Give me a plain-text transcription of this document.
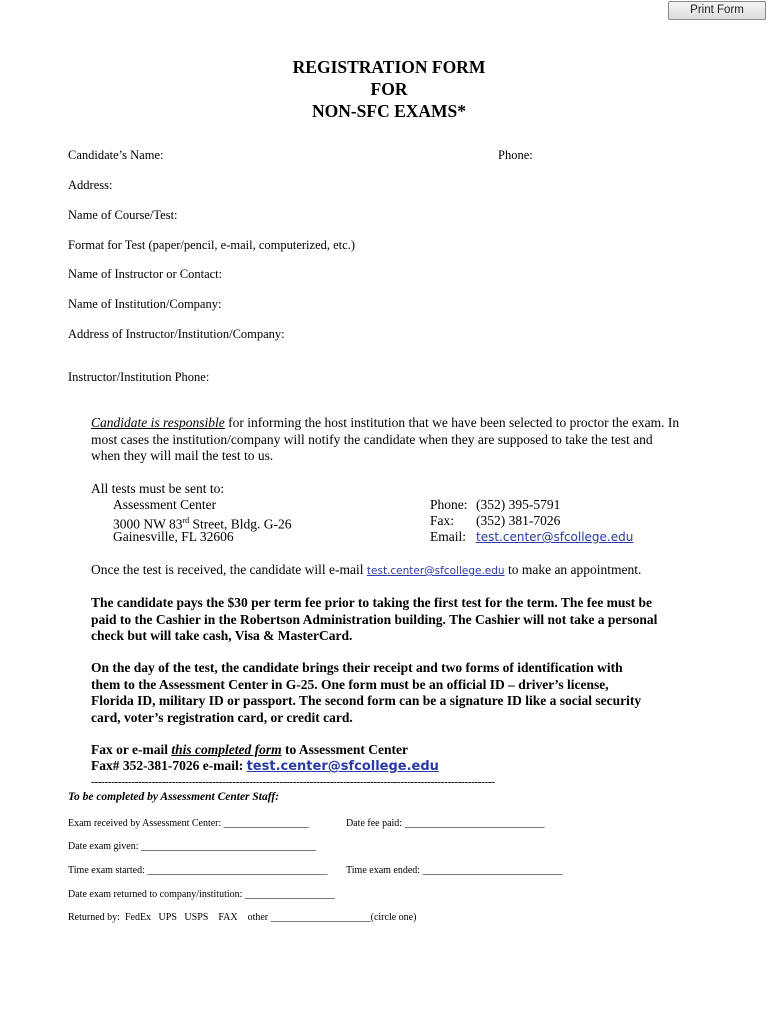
Print Form
REGISTRATION FORM
FOR
NON-SFC EXAMS*
Candidate’s Name:	Phone:
Address:
Name of Course/Test:
Format for Test (paper/pencil, e-mail, computerized, etc.)
Name of Instructor or Contact:
Name of Institution/Company:
Address of Instructor/Institution/Company:
Instructor/Institution Phone:
Candidate is responsible for informing the host institution that we have been selected to proctor the exam. In most cases the institution/company will notify the candidate when they are supposed to take the test and when they will mail the test to us.
All tests must be sent to:
Assessment Center
3000 NW 83rd Street, Bldg. G-26
Gainesville, FL 32606
Phone: (352) 395-5791
Fax: (352) 381-7026
Email: test.center@sfcollege.edu
Once the test is received, the candidate will e-mail test.center@sfcollege.edu to make an appointment.
The candidate pays the $30 per term fee prior to taking the first test for the term. The fee must be paid to the Cashier in the Robertson Administration building. The Cashier will not take a personal check but will take cash, Visa & MasterCard.
On the day of the test, the candidate brings their receipt and two forms of identification with them to the Assessment Center in G-25. One form must be an official ID – driver’s license, Florida ID, military ID or passport. The second form can be a signature ID like a social security card, voter’s registration card, or credit card.
Fax or e-mail this completed form to Assessment Center
Fax# 352-381-7026 e-mail: test.center@sfcollege.edu
------------------------------------------------------------------------------------------------------------------------
To be completed by Assessment Center Staff:
Exam received by Assessment Center: _________________	Date fee paid: ____________________________
Date exam given: ___________________________________
Time exam started: ____________________________________ Time exam ended: ____________________________
Date exam returned to company/institution: __________________
Returned by: FedEx UPS USPS FAX other ____________________(circle one)
